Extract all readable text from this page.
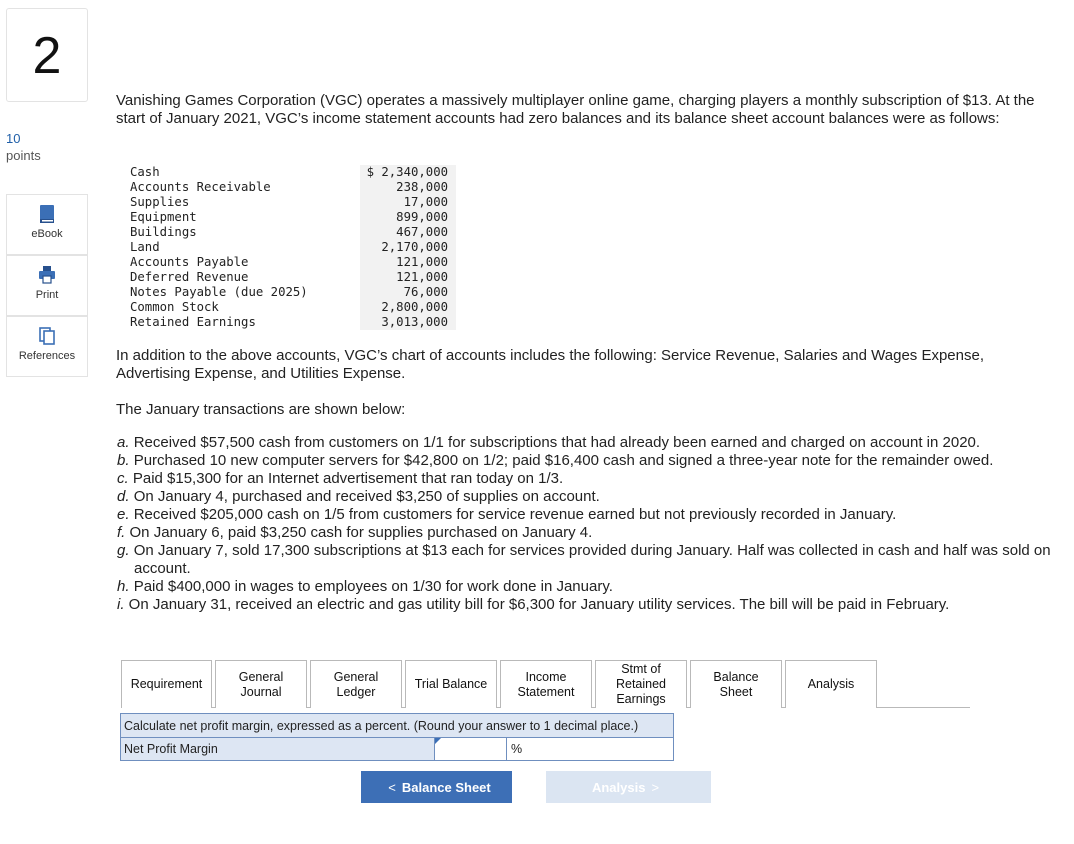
2
10
points
eBook
Print
References

Vanishing Games Corporation (VGC) operates a massively multiplayer online game, charging players a monthly subscription of $13. At the start of January 2021, VGC’s income statement accounts had zero balances and its balance sheet account balances were as follows:

Cash	$ 2,340,000
Accounts Receivable	238,000
Supplies	17,000
Equipment	899,000
Buildings	467,000
Land	2,170,000
Accounts Payable	121,000
Deferred Revenue	121,000
Notes Payable (due 2025)	76,000
Common Stock	2,800,000
Retained Earnings	3,013,000

In addition to the above accounts, VGC’s chart of accounts includes the following: Service Revenue, Salaries and Wages Expense, Advertising Expense, and Utilities Expense.

The January transactions are shown below:

a. Received $57,500 cash from customers on 1/1 for subscriptions that had already been earned and charged on account in 2020.
b. Purchased 10 new computer servers for $42,800 on 1/2; paid $16,400 cash and signed a three-year note for the remainder owed.
c. Paid $15,300 for an Internet advertisement that ran today on 1/3.
d. On January 4, purchased and received $3,250 of supplies on account.
e. Received $205,000 cash on 1/5 from customers for service revenue earned but not previously recorded in January.
f. On January 6, paid $3,250 cash for supplies purchased on January 4.
g. On January 7, sold 17,300 subscriptions at $13 each for services provided during January. Half was collected in cash and half was sold on account.
h. Paid $400,000 in wages to employees on 1/30 for work done in January.
i. On January 31, received an electric and gas utility bill for $6,300 for January utility services. The bill will be paid in February.
Requirement
General Journal
General Ledger
Trial Balance
Income Statement
Stmt of Retained Earnings
Balance Sheet
Analysis
Calculate net profit margin, expressed as a percent. (Round your answer to 1 decimal place.)
Net Profit Margin	%
< Balance Sheet	Analysis >
